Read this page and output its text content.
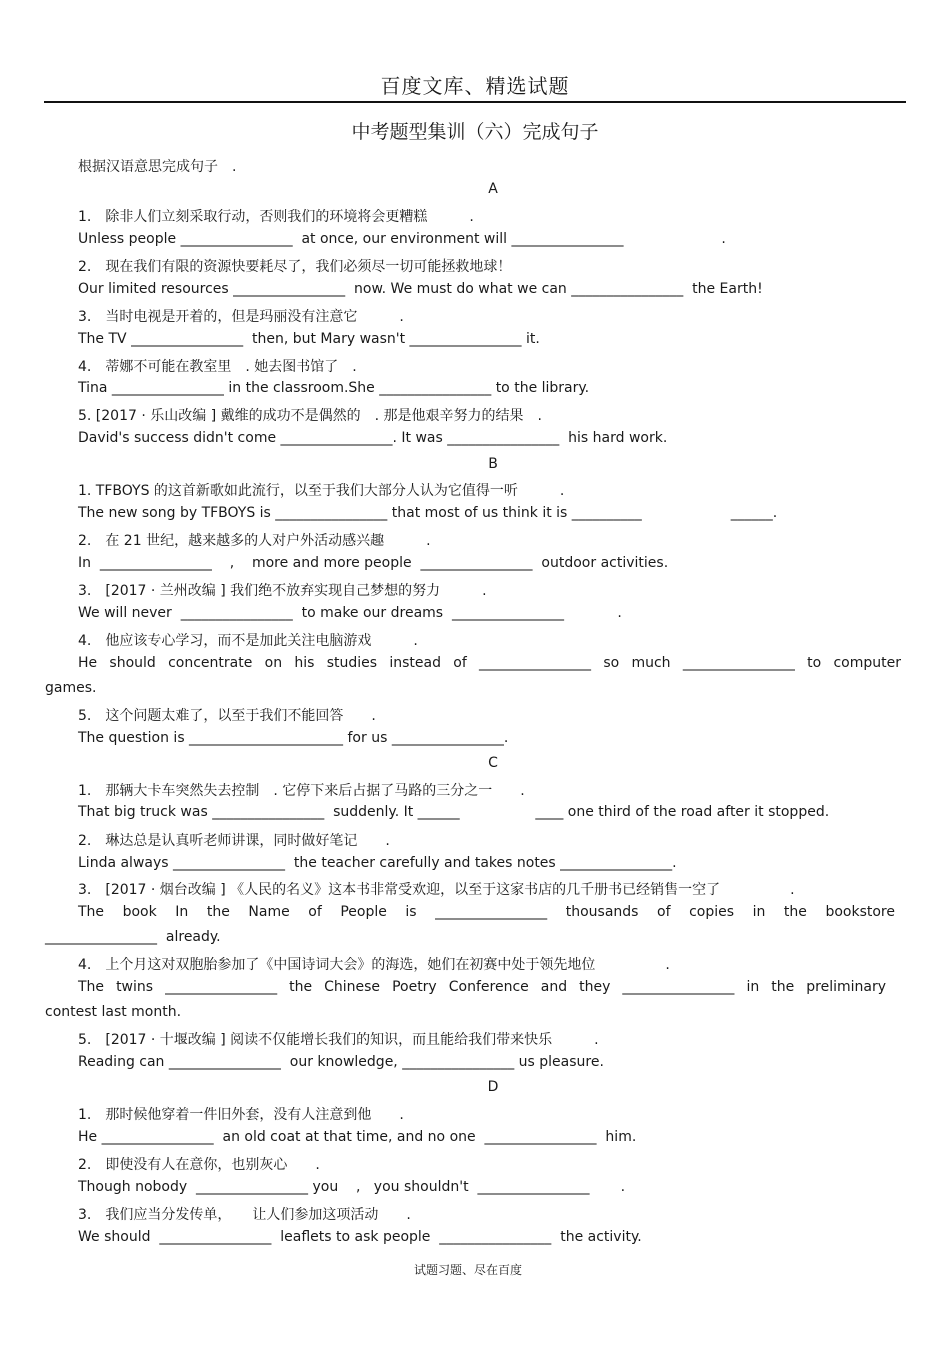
百度文库、精选试题
中考题型集训（六）完成句子
根据汉语意思完成句子　.
A
1.　除非人们立刻采取行动，否则我们的环境将会更糟糕　　　.
Unless people ________________  at once, our environment will ________________                      .
2.　现在我们有限的资源快要耗尽了，我们必须尽一切可能拯救地球！
Our limited resources ________________  now. We must do what we can ________________  the Earth!
3.　当时电视是开着的，但是玛丽没有注意它　　　.
The TV ________________  then, but Mary wasn't ________________ it.
4.　蒂娜不可能在教室里　. 她去图书馆了　.
Tina ________________ in the classroom.She ________________ to the library.
5. [2017 · 乐山改编 ] 戴维的成功不是偶然的　. 那是他艰辛努力的结果　.
David's success didn't come ________________. It was ________________  his hard work.
B
1. TFBOYS 的这首新歌如此流行，以至于我们大部分人认为它值得一听　　　.
The new song by TFBOYS is ________________ that most of us think it is __________                    ______.
2.　在 21 世纪，越来越多的人对户外活动感兴趣　　　.
In  ________________    ,    more and more people  ________________  outdoor activities.
3.　[2017 · 兰州改编 ] 我们绝不放弃实现自己梦想的努力　　　.
We will never  ________________  to make our dreams  ________________            .
4.　他应该专心学习，而不是加此关注电脑游戏　　　.
He should concentrate on his studies instead of ________________ so much ________________ to computer
games.
5.　这个问题太难了，以至于我们不能回答　　.
The question is ______________________ for us ________________.
C
1.　那辆大卡车突然失去控制　. 它停下来后占据了马路的三分之一　　.
That big truck was ________________  suddenly. It ______                 ____ one third of the road after it stopped.
2.　琳达总是认真听老师讲课，同时做好笔记　　.
Linda always ________________  the teacher carefully and takes notes ________________.
3.　[2017 · 烟台改编 ] 《人民的名义》这本书非常受欢迎，以至于这家书店的几千册书已经销售一空了　　　　　.
The book In the Name of People is ________________ thousands of copies in the bookstore
________________  already.
4.　上个月这对双胞胎参加了《中国诗词大会》的海选，她们在初赛中处于领先地位　　　　　.
The twins ________________ the Chinese Poetry Conference and they ________________ in the preliminary
contest last month.
5.　[2017 · 十堰改编 ] 阅读不仅能增长我们的知识，而且能给我们带来快乐　　　.
Reading can ________________  our knowledge, ________________ us pleasure.
D
1.　那时候他穿着一件旧外套，没有人注意到他　　.
He ________________  an old coat at that time, and no one  ________________  him.
2.　即使没有人在意你，也别灰心　　.
Though nobody  ________________ you    ,   you shouldn't  ________________       .
3.　我们应当分发传单，　　让人们参加这项活动　　.
We should  ________________  leaflets to ask people  ________________  the activity.
试题习题、尽在百度
